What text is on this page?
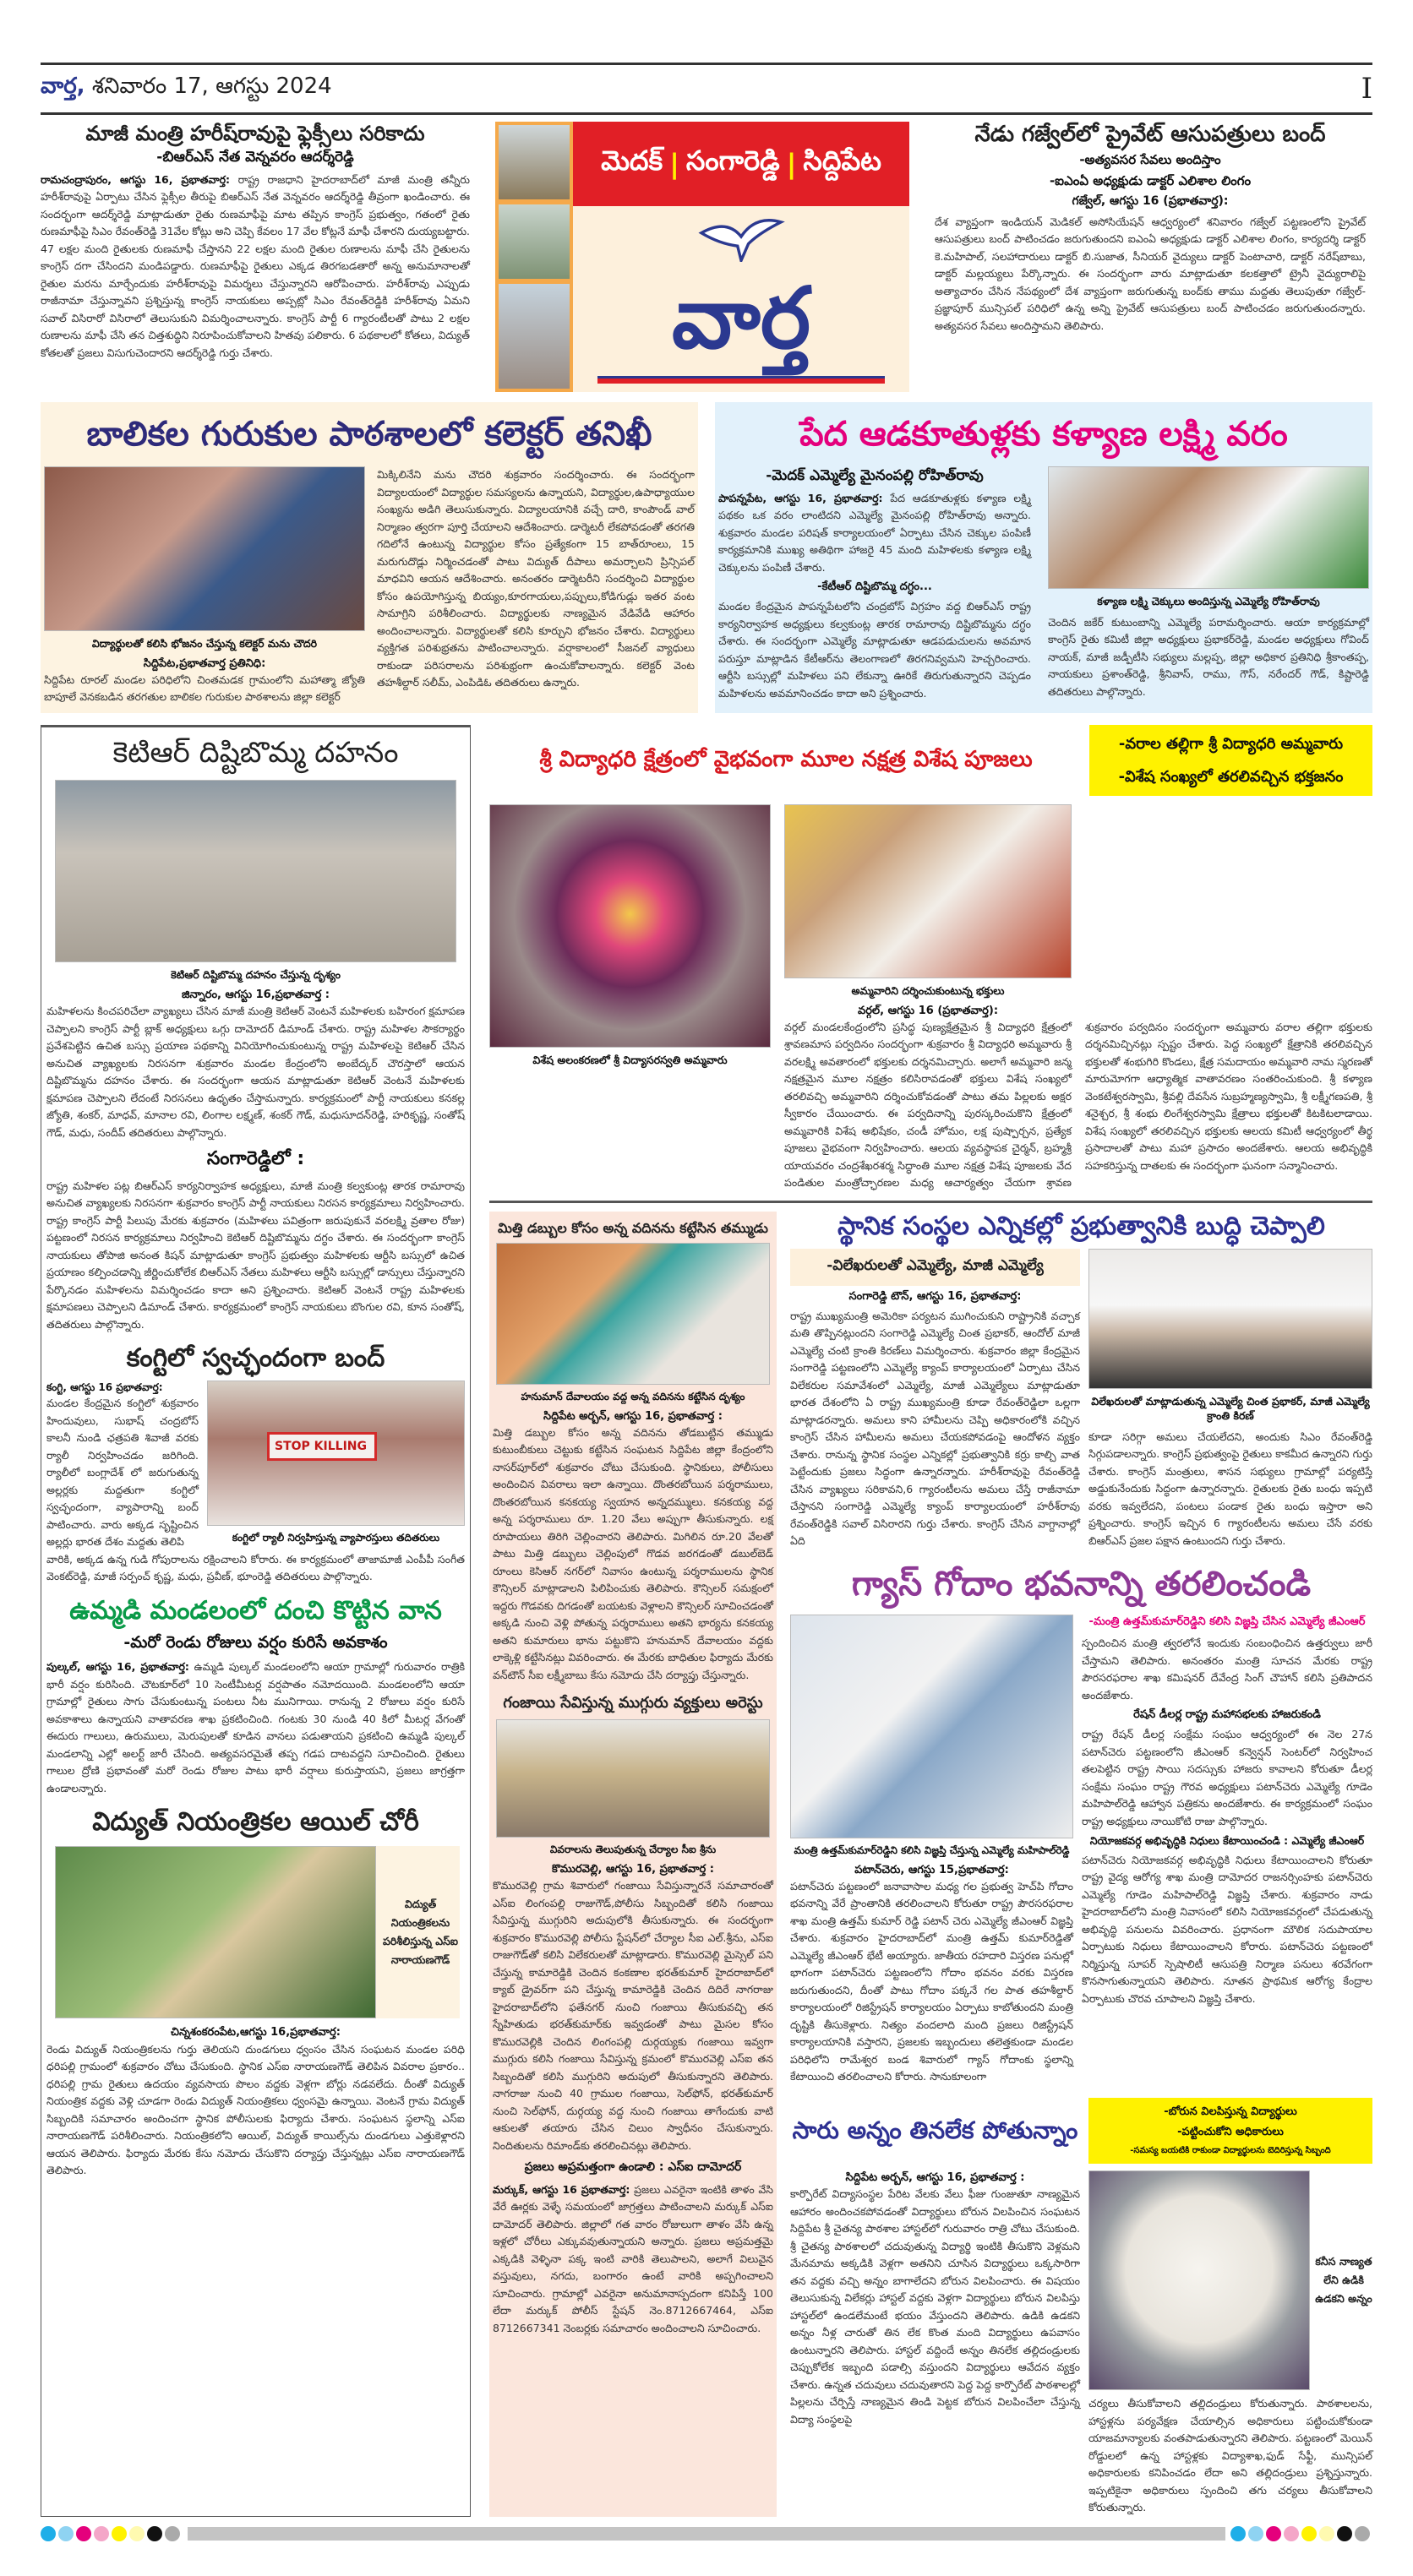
వార్త, శనివారం 17, ఆగస్టు 2024	I
మాజీ మంత్రి హరీష్‌రావుపై ఫ్లెక్సీలు సరికాదు
-బిఆర్ఎస్ నేత వెన్నవరం ఆదర్శ్‌రెడ్డి
రామచంద్రాపురం, ఆగస్టు 16, ప్రభాతవార్త: రాష్ట్ర రాజధాని హైదరాబాద్‌లో మాజీ మంత్రి తన్నీరు హరీశ్‌రావుపై ఏర్పాటు చేసిన ఫ్లెక్సీల తీరుపై బిఆర్ఎస్ నేత వెన్నవరం ఆదర్శ్‌రెడ్డి తీవ్రంగా ఖండించారు. ఈ సందర్భంగా ఆదర్శ్‌రెడ్డి మాట్లాడుతూ రైతు రుణమాఫీపై మాట తప్పిన కాంగ్రెస్ ప్రభుత్వం, గతంలో రైతు రుణమాఫీపై సిఎం రేవంత్‌రెడ్డి 31వేల కోట్లు అని చెప్పి కేవలం 17 వేల కోట్లనే మాఫీ చేశారని దుయ్యబట్టారు. 47 లక్షల మంది రైతులకు రుణమాఫీ చేస్తానని 22 లక్షల మంది రైతుల రుణాలను మాఫీ చేసి రైతులను కాంగ్రెస్ దగా చేసిందని మండిపడ్డారు. రుణమాఫీపై రైతులు ఎక్కడ తిరగబడతారో అన్న అనుమానాలతో రైతుల మరను మార్చేందుకు హరీశ్‌రావుపై విమర్శలు చేస్తున్నారని ఆరోపించారు. హరీశ్‌రావు ఎప్పుడు రాజీనామా చేస్తున్నావని ప్రశ్నిస్తున్న కాంగ్రెస్ నాయకులు అప్పట్లో సిఎం రేవంత్‌రెడ్డికి హరీశ్‌రావు ఏమని సవాల్ విసిరారో విసిరాలో తెలుసుకుని విమర్శించాలన్నారు. కాంగ్రెస్ పార్టీ 6 గ్యారంటీలతో పాటు 2 లక్షల రుణాలను మాఫీ చేసి తన చిత్తశుద్ధిని నిరూపించుకోవాలని హితవు పలికారు. 6 పథకాలలో కోతలు, విద్యుత్ కోతలతో ప్రజలు విసుగుచెందారని ఆదర్శ్‌రెడ్డి గుర్తు చేశారు.
మెదక్ | సంగారెడ్డి | సిద్దిపేట
వార్త
నేడు గజ్వేల్‌లో ప్రైవేట్ ఆసుపత్రులు బంద్
-అత్యవసర సేవలు అందిస్తాం
-ఐఎంఏ అధ్యక్షుడు డాక్టర్ ఎలిశాల లింగం
గజ్వేల్, ఆగస్టు 16 (ప్రభాతవార్త):
దేశ వ్యాప్తంగా ఇండియన్ మెడికల్ అసోసియేషన్ ఆధ్వర్యంలో శనివారం గజ్వేల్ పట్టణంలోని ప్రైవేట్ ఆసుపత్రులు బంద్ పాటించడం జరుగుతుందని ఐఎంఏ అధ్యక్షుడు డాక్టర్ ఎలిశాల లింగం, కార్యదర్శి డాక్టర్ కె.మహిపాల్, సలహాదారులు డాక్టర్ బి.సుజాత, సీనియర్ వైద్యులు డాక్టర్ పెంటాచారి, డాక్టర్ నరేష్‌బాబు, డాక్టర్ మల్లయ్యలు పేర్కొన్నారు. ఈ సందర్భంగా వారు మాట్లాడుతూ కలకత్తాలో ట్రైనీ వైద్యురాలిపై అత్యాచారం చేసిన నేపథ్యంలో దేశ వ్యాప్తంగా జరుగుతున్న బంద్‌కు తాము మద్దతు తెలుపుతూ గజ్వేల్-ప్రజ్ఞాపూర్ మున్సిపల్ పరిధిలో ఉన్న అన్ని ప్రైవేట్ ఆసుపత్రులు బంద్ పాటించడం జరుగుతుందన్నారు. అత్యవసర సేవలు అందిస్తామని తెలిపారు.
బాలికల గురుకుల పాఠశాలలో కలెక్టర్ తనిఖీ
విద్యార్థులతో కలిసి భోజనం చేస్తున్న కలెక్టర్ మను చౌదరి
సిద్దిపేట,ప్రభాతవార్త ప్రతినిధి:
సిద్దిపేట రూరల్ మండల పరిధిలోని చింతమడక గ్రామంలోని మహాత్మా జ్యోతి బాపూలే వెనకబడిన తరగతుల బాలికల గురుకుల పాఠశాలను జిల్లా కలెక్టర్
మిక్కిలినేని మను చౌదరి శుక్రవారం సందర్శించారు. ఈ సందర్భంగా విద్యాలయంలో విద్యార్థుల సమస్యలను ఉన్నాయని, విద్యార్థుల,ఉపాధ్యాయుల సంఖ్యను అడిగి తెలుసుకున్నారు. విద్యాలయానికి వచ్చే దారి, కాంపౌండ్ వాల్ నిర్మాణం త్వరగా పూర్తి చేయాలని ఆదేశించారు. డార్మెటరీ లేకపోవడంతో తరగతి గదిలోనే ఉంటున్న విద్యార్థుల కోసం ప్రత్యేకంగా 15 బాత్‌రూంలు, 15 మరుగుదొడ్లు నిర్మించడంతో పాటు విద్యుత్ దీపాలు అమర్చాలని ప్రిన్సిపల్ మాధవిని ఆయన ఆదేశించారు. అనంతరం డార్మెటరీని సందర్శించి విద్యార్థుల కోసం ఉపయోగిస్తున్న బియ్యం,కూరగాయలు,పప్పులు,కోడిగుడ్లు ఇతర వంట సామాగ్రిని పరిశీలించారు. విద్యార్థులకు నాణ్యమైన వేడివేడి ఆహారం అందించాలన్నారు. విద్యార్థులతో కలిసి కూర్చుని భోజనం చేశారు. విద్యార్థులు వ్యక్తిగత పరిశుభ్రతను పాటించాలన్నారు. వర్షాకాలంలో సీజనల్ వ్యాధులు రాకుండా పరిసరాలను పరిశుభ్రంగా ఉంచుకోవాలన్నారు. కలెక్టర్ వెంట తహశీల్దార్ సలీమ్, ఎంపిడిఓ తదితరులు ఉన్నారు.
పేద ఆడకూతుళ్లకు కళ్యాణ లక్ష్మి వరం
-మెదక్ ఎమ్మెల్యే మైనంపల్లి రోహిత్‌రావు
పాపన్నపేట, ఆగస్టు 16, ప్రభాతవార్త: పేద ఆడకూతుళ్లకు కళ్యాణ లక్ష్మి పథకం ఒక వరం లాంటిదని ఎమ్మెల్యే మైనంపల్లి రోహిత్‌రావు అన్నారు. శుక్రవారం మండల పరిషత్ కార్యాలయంలో ఏర్పాటు చేసిన చెక్కుల పంపిణీ కార్యక్రమానికి ముఖ్య అతిథిగా హాజరై 45 మంది మహిళలకు కళ్యాణ లక్ష్మి చెక్కులను పంపిణీ చేశారు.
-కేటీఆర్ దిష్టిబొమ్మ దగ్ధం...
మండల కేంద్రమైన పాపన్నపేటలోని చంద్రబోస్ విగ్రహం వద్ద బిఆర్ఎస్ రాష్ట్ర కార్యనిర్వాహక అధ్యక్షులు కల్వకుంట్ల తారక రామారావు దిష్టిబొమ్మను దగ్ధం చేశారు. ఈ సందర్భంగా ఎమ్మెల్యే మాట్లాడుతూ ఆడపడుచులను అవమాన పరుస్తూ మాట్లాడిన కేటీఆర్‌ను తెలంగాణలో తిరగనివ్వమని హెచ్చరించారు. ఆర్టీసి బస్సుల్లో మహిళలు పని లేకున్నా ఊరికే తిరుగుతున్నారని చెప్పడం మహిళలను అవమానించడం కాదా అని ప్రశ్నించారు.
కళ్యాణ లక్ష్మి చెక్కులు అందిస్తున్న ఎమ్మెల్యే రోహిత్‌రావు
చెందిన జకేర్ కుటుంబాన్ని ఎమ్మెల్యే పరామర్శించారు. ఆయా కార్యక్రమాల్లో కాంగ్రెస్ రైతు కమిటీ జిల్లా అధ్యక్షులు ప్రభాకర్‌రెడ్డి, మండల అధ్యక్షులు గోవింద్ నాయక్, మాజీ జడ్పీటీసి సభ్యులు మల్లప్ప, జిల్లా అధికార ప్రతినిధి శ్రీకాంతప్ప, నాయకులు ప్రశాంత్‌రెడ్డి, శ్రీనివాస్, రాము, గౌస్, నరేందర్ గౌడ్, కిష్టారెడ్డి తదితరులు పాల్గొన్నారు.
కెటిఆర్ దిష్టిబొమ్మ దహనం
కెటిఆర్ దిష్టిబొమ్మ దహనం చేస్తున్న దృశ్యం
జిన్నారం, ఆగస్టు 16,ప్రభాతవార్త :
మహిళలను కించపరిచేలా వ్యాఖ్యలు చేసిన మాజీ మంత్రి కెటిఆర్ వెంటనే మహిళలకు బహిరంగ క్షమాపణ చెప్పాలని కాంగ్రెస్ పార్టీ బ్లాక్ అధ్యక్షులు ఒగ్గు దామోదర్ డిమాండ్ చేశారు. రాష్ట్ర మహిళల సౌకర్యార్థం ప్రవేశపెట్టిన ఉచిత బస్సు ప్రయాణ పథకాన్ని వినియోగించుకుంటున్న రాష్ట్ర మహిళలపై కెటిఆర్ చేసిన అనుచిత వ్యాఖ్యలకు నిరసనగా శుక్రవారం మండల కేంద్రంలోని అంబేద్కర్ చౌరస్తాలో ఆయన దిష్టిబొమ్మను దహనం చేశారు. ఈ సందర్భంగా ఆయన మాట్లాడుతూ కెటిఆర్ వెంటనే మహిళలకు క్షమాపణ చెప్పాలని లేదంటే నిరసనలు ఉధృతం చేస్తామన్నారు. కార్యక్రమంలో పార్టీ నాయకులు కనకల్ల జ్యోతి, శంకర్, మాధవ్, మానాల రవి, లింగాల లక్ష్మణ్, శంకర్ గౌడ్, మధుసూదన్‌రెడ్డి, హరికృష్ణ, సంతోష్ గౌడ్, మధు, సందీప్ తదితరులు పాల్గొన్నారు.
సంగారెడ్డిలో :
రాష్ట్ర మహిళల పట్ల బిఆర్ఎస్ కార్యనిర్వాహక అధ్యక్షులు, మాజీ మంత్రి కల్వకుంట్ల తారక రామారావు అనుచిత వ్యాఖ్యలకు నిరసనగా శుక్రవారం కాంగ్రెస్ పార్టీ నాయకులు నిరసన కార్యక్రమాలు నిర్వహించారు. రాష్ట్ర కాంగ్రెస్ పార్టీ పిలుపు మేరకు శుక్రవారం (మహిళలు పవిత్రంగా జరుపుకునే వరలక్ష్మి వ్రతాల రోజు) పట్టణంలో నిరసన కార్యక్రమాలు నిర్వహించి కెటిఆర్ దిష్టిబొమ్మను దగ్ధం చేశారు. ఈ సందర్భంగా కాంగ్రెస్ నాయకులు తోపాజి అనంత కిషన్ మాట్లాడుతూ కాంగ్రెస్ ప్రభుత్వం మహిళలకు ఆర్టీసి బస్సులో ఉచిత ప్రయాణం కల్పించడాన్ని జీర్ణించుకోలేక బిఆర్ఎస్ నేతలు మహిళలు ఆర్టీసి బస్సుల్లో డాన్సులు చేస్తున్నారని పేర్కొనడం మహిళలను విమర్శించడం కాదా అని ప్రశ్నించారు. కెటిఆర్ వెంటనే రాష్ట్ర మహిళలకు క్షమాపణలు చెప్పాలని డిమాండ్ చేశారు. కార్యక్రమంలో కాంగ్రెస్ నాయకులు బొంగుల రవి, కూన సంతోష్, తదితరులు పాల్గొన్నారు.
కంగ్టిలో స్వచ్ఛందంగా బంద్
కంగ్టి, ఆగస్టు 16 ప్రభాతవార్త:
మండల కేంద్రమైన కంగ్టిలో శుక్రవారం హిందువులు, సుభాష్ చంద్రబోస్ కాలనీ నుండి ఛత్రపతి శివాజీ వరకు ర్యాలీ నిర్వహించడం జరిగింది. ర్యాలీలో బంగ్లాదేశ్ లో జరుగుతున్న అల్లర్లకు మద్దతుగా కంగ్టిలో స్వచ్ఛందంగా, వ్యాపారాన్ని బంద్ పాటించారు. వారు అక్కడ సృష్టించిన అల్లర్లు భారత దేశం మద్దతు తెలిపి
STOP KILLING
కంగ్టిలో ర్యాలీ నిర్వహిస్తున్న వ్యాపారస్తులు తదితరులు
వారికి, అక్కడ ఉన్న గుడి గోపురాలను రక్షించాలని కోరారు. ఈ కార్యక్రమంలో తాజామాజీ ఎంపీపీ సంగీత వెంకట్‌రెడ్డి, మాజీ సర్పంచ్ కృష్ణ, మధు, ప్రవీణ్, భూంరెడ్డి తదితరులు పాల్గొన్నారు.
ఉమ్మడి మండలంలో దంచి కొట్టిన వాన
-మరో రెండు రోజులు వర్షం కురిసే అవకాశం
పుల్కల్, ఆగస్టు 16, ప్రభాతవార్త: ఉమ్మడి పుల్కల్ మండలంలోని ఆయా గ్రామాల్లో గురువారం రాత్రికి భారీ వర్షం కురిసింది. చౌటకూర్‌లో 10 సెంటీమీటర్ల వర్షపాతం నమోదయింది. మండలంలోని ఆయా గ్రామాల్లో రైతులు సాగు చేసుకుంటున్న పంటలు నీట మునిగాయి. రానున్న 2 రోజులు వర్షం కురిసే అవకాశాలు ఉన్నాయని వాతావరణ శాఖ ప్రకటించింది. గంటకు 30 నుండి 40 కిలో మీటర్ల వేగంతో ఈదురు గాలులు, ఉరుములు, మెరుపులతో కూడిన వానలు పడుతాయని ప్రకటించి ఉమ్మడి పుల్కల్ మండలాన్ని ఎల్లో అలర్ట్ జారీ చేసింది. అత్యవసరమైతే తప్ప గడప దాటవద్దని సూచించింది. రైతులు గాలుల ద్రోణి ప్రభావంతో మరో రెండు రోజుల పాటు భారీ వర్షాలు కురుస్తాయని, ప్రజలు జాగ్రత్తగా ఉండాలన్నారు.
విద్యుత్ నియంత్రికల ఆయిల్ చోరీ
విద్యుత్ నియంత్రికలను పరిశీలిస్తున్న ఎస్ఐ నారాయణగౌడ్
చిన్నశంకరంపేట,ఆగస్టు 16,ప్రభాతవార్త:
రెండు విద్యుత్ నియంత్రికలను గుర్తు తెలియని దుండగులు ధ్వంసం చేసిన సంఘటన మండల పరిధి ధరిపల్లి గ్రామంలో శుక్రవారం చోటు చేసుకుంది. స్థానిక ఎస్ఐ నారాయణగౌడ్ తెలిపిన వివరాల ప్రకారం.. ధరిపల్లి గ్రామ రైతులు ఉదయం వ్యవసాయ పొలం వద్దకు వెళ్లగా బోర్లు నడవలేదు. దీంతో విద్యుత్ నియంత్రిక వద్దకు వెళ్లి చూడగా రెండు విద్యుత్ నియంత్రికలు ధ్వంసమై ఉన్నాయి. వెంటనే గ్రామ విద్యుత్ సిబ్బందికి సమాచారం అందించగా స్థానిక పోలీసులకు ఫిర్యాదు చేశారు. సంఘటన స్థలాన్ని ఎస్ఐ నారాయణగౌడ్ పరిశీలించారు. నియంత్రికలోని ఆయిల్, విద్యుత్ కాయిల్స్‌ను దుండగులు ఎత్తుకెళ్లారని ఆయన తెలిపారు. ఫిర్యాదు మేరకు కేసు నమోదు చేసుకొని దర్యాప్తు చేస్తున్నట్లు ఎస్ఐ నారాయణగౌడ్ తెలిపారు.
శ్రీ విద్యాధరి క్షేత్రంలో వైభవంగా మూల నక్షత్ర విశేష పూజలు
-వరాల తల్లిగా శ్రీ విద్యాధరి అమ్మవారు
-విశేష సంఖ్యలో తరలివచ్చిన భక్తజనం
విశేష అలంకరణలో శ్రీ విద్యాసరస్వతి అమ్మవారు
అమ్మవారిని దర్శించుకుంటున్న భక్తులు
వర్గల్, ఆగస్టు 16 (ప్రభాతవార్త):
వర్గల్ మండలకేంద్రంలోని ప్రసిద్ధ పుణ్యక్షేత్రమైన శ్రీ విద్యాధరి క్షేత్రంలో శ్రావణమాస పర్వదినం సందర్భంగా శుక్రవారం శ్రీ విద్యాధరి అమ్మవారు శ్రీ వరలక్ష్మి అవతారంలో భక్తులకు దర్శనమిచ్చారు. అలాగే అమ్మవారి జన్మ నక్షత్రమైన మూల నక్షత్రం కలిసిరావడంతో భక్తులు విశేష సంఖ్యలో తరలివచ్చి అమ్మవారిని దర్శించుకోవడంతో పాటు తమ పిల్లలకు అక్షర స్వీకారం చేయించారు. ఈ పర్వదినాన్ని పురస్కరించుకొని క్షేత్రంలో అమ్మవారికి విశేష అభిషేకం, చండీ హోమం, లక్ష పుష్పార్చన, ప్రత్యేక పూజలు వైభవంగా నిర్వహించారు. ఆలయ వ్యవస్థాపక చైర్మన్, బ్రహ్మశ్రీ యాయవరం చంద్రశేఖరశర్మ సిద్ధాంతి మూల నక్షత్ర విశేష పూజలకు వేద పండితుల మంత్రోచ్ఛారణల మధ్య ఆచార్యత్వం చేయగా శ్రావణ శుక్రవారం పర్వదినం సందర్భంగా అమ్మవారు వరాల తల్లిగా భక్తులకు దర్శనమిచ్చినట్లు స్పష్టం చేశారు. పెద్ద సంఖ్యలో క్షేత్రానికి తరలివచ్చిన భక్తులతో శంభుగిరి కొండలు, క్షేత్ర సమదాయం అమ్మవారి నామ స్మరణతో మారుమోగగా ఆధ్యాత్మిక వాతావరణం సంతరించుకుంది. శ్రీ కళ్యాణ వెంకటేశ్వరస్వామి, శ్రీవల్లి దేవసేన సుబ్రహ్మణ్యస్వామి, శ్రీ లక్ష్మీగణపతి, శ్రీ శనైశ్చర, శ్రీ శంభు లింగేశ్వరస్వామి క్షేత్రాలు భక్తులతో కిటకిటలాడాయి. విశేష సంఖ్యలో తరలివచ్చిన భక్తులకు ఆలయ కమిటీ ఆధ్వర్యంలో తీర్థ ప్రసాదాలతో పాటు మహా ప్రసాదం అందజేశారు. ఆలయ అభివృద్ధికి సహకరిస్తున్న దాతలకు ఈ సందర్భంగా ఘనంగా సన్మానించారు.
మిత్తి డబ్బుల కోసం అన్న వదినను కట్టేసిన తమ్ముడు
హనుమాన్ దేవాలయం వద్ద అన్న వదినను కట్టేసిన దృశ్యం
సిద్దిపేట అర్బన్, ఆగస్టు 16, ప్రభాతవార్త :
మిత్తి డబ్బుల కోసం అన్న వదినను తోడబుట్టిన తమ్ముడు కుటుంబీకులు చెట్టుకు కట్టేసిన సంఘటన సిద్దిపేట జిల్లా కేంద్రంలోని నాసర్‌పూర్‌లో శుక్రవారం చోటు చేసుకుంది. స్థానికులు, పోలీసులు అందించిన వివరాలు ఇలా ఉన్నాయి. దొంతరబోయిన పర్శరాములు, దొంతరబోయిన కనకయ్య స్వయాన అన్నదమ్ములు. కనకయ్య వద్ద అన్న పర్శరాములు రూ. 1.20 వేలు అప్పుగా తీసుకున్నారు. లక్ష రూపాయలు తిరిగి చెల్లించారని తెలిపారు. మిగిలిన రూ.20 వేలతో పాటు మిత్తి డబ్బులు చెల్లింపులో గొడవ జరగడంతో డబుల్‌బెడ్ రూంలు కెసిఆర్ నగర్‌లో నివాసం ఉంటున్న పర్శరాములను స్థానిక కౌన్సిలర్ మాట్లాడాలని పిలిపించుకు తెలిపారు. కౌన్సిలర్ సమక్షంలో ఇద్దరు గొడవకు దిగడంతో బయటకు వెళ్లాలని కౌన్సిలర్ సూచించడంతో అక్కడి నుంచి వెళ్లి పోతున్న పర్శరాములు అతని భార్యను కనకయ్య అతని కుమారులు భాను పట్టుకొని హనుమాన్ దేవాలయం వద్దకు లాక్కెళ్లి కట్టేసినట్లు వివరించారు. ఈ మేరకు బాధితుల ఫిర్యాదు మేరకు వన్‌టౌన్ సీఐ లక్ష్మీబాబు కేసు నమోదు చేసి దర్యాప్తు చేస్తున్నారు.
గంజాయి సేవిస్తున్న ముగ్గురు వ్యక్తులు అరెస్టు
వివరాలను తెలుపుతున్న చేర్యాల సీఐ శ్రీను
కొమురవెల్లి, ఆగస్టు 16, ప్రభాతవార్త :
కొమురవెల్లి గ్రామ శివారులో గంజాయి సేవిస్తున్నారనే సమాచారంతో ఎస్ఐ లింగంపల్లి రాజుగౌడ్,పోలీసు సిబ్బందితో కలిసి గంజాయి సేవిస్తున్న ముగ్గురిని అదుపులోకి తీసుకున్నారు. ఈ సందర్భంగా శుక్రవారం కొమురవెల్లి పోలీసు స్టేషన్‌లో చేర్యాల సీఐ ఎల్.శ్రీను, ఎస్ఐ రాజుగౌడ్‌తో కలిసి విలేకరులతో మాట్లాడారు. కొమురవెల్లి మైస్సెల్ పని చేస్తున్న కామారెడ్డికి చెందిన కంకణాల భరత్‌కుమార్ హైదరాబాద్‌లో క్యాబ్ డ్రైవర్‌గా పని చేస్తున్న కామారెడ్డికి చెందిన దిదిరే నాగరాజు హైదరాబాద్‌లోని ఫతేనగర్ నుంచి గంజాయి తీసుకువచ్చి తన స్నేహితుడు భరత్‌కుమార్‌కు ఇవ్వడంతో పాటు మైసల కోసం కొమురవెల్లికి చెందిన లింగంపల్లి దుర్గయ్యకు గంజాయి ఇవ్వగా ముగ్గురు కలిసి గంజాయి సేవిస్తున్న క్రమంలో కొమురవెల్లి ఎస్ఐ తన సిబ్బందితో కలిసి ముగ్గురిని అదుపులో తీసుకున్నారని తెలిపారు. నాగరాజు నుంచి 40 గ్రాముల గంజాయి, సెల్‌ఫోన్, భరత్‌కుమార్ నుంచి సెల్‌ఫోన్, దుర్గయ్య వద్ద నుంచి గంజాయి తాగేందుకు వాటి ఆకులతో తయారు చేసిన చిలుం స్వాధీనం చేసుకున్నారు. నిందితులను రిమాండ్‌కు తరలించినట్లు తెలిపారు.
ప్రజలు అప్రమత్తంగా ఉండాలి : ఎస్ఐ దామోదర్
మర్కుక్, ఆగస్టు 16 ప్రభాతవార్త: ప్రజలు ఎవరైనా ఇంటికి తాళం వేసి వేరే ఊర్లకు వెళ్ళే సమయంలో జాగ్రత్తలు పాటించాలని మర్కుక్ ఎస్ఐ దామోదర్ తెలిపారు. జిల్లాలో గత వారం రోజులుగా తాళం వేసి ఉన్న ఇళ్లలో చోరీలు ఎక్కువవుతున్నాయని అన్నారు. ప్రజలు అప్రమత్తమై ఎక్కడికి వెళ్ళినా పక్క ఇంటి వారికి తెలుపాలని, అలాగే విలువైన వస్తువులు, నగదు, బంగారం ఉంటే వారికి అప్పగించాలని సూచించారు. గ్రామాల్లో ఎవరైనా అనుమానాస్పదంగా కనిపిస్తే 100 లేదా మర్కుక్ పోలీస్ స్టేషన్ నెం.8712667464, ఎస్ఐ 8712667341 నెంబర్లకు సమాచారం అందించాలని సూచించారు.
స్థానిక సంస్థల ఎన్నికల్లో ప్రభుత్వానికి బుద్ధి చెప్పాలి
-విలేఖరులతో ఎమ్మెల్యే, మాజీ ఎమ్మెల్యే
సంగారెడ్డి టౌన్, ఆగస్టు 16, ప్రభాతవార్త:
రాష్ట్ర ముఖ్యమంత్రి అమెరికా పర్యటన ముగించుకుని రాష్ట్రానికి వచ్చాక మతి తొప్పినట్లుందని సంగారెడ్డి ఎమ్మెల్యే చింత ప్రభాకర్, ఆందోల్ మాజీ ఎమ్మెల్యే చంటి క్రాంతి కిరణ్‌లు విమర్శించారు. శుక్రవారం జిల్లా కేంద్రమైన సంగారెడ్డి పట్టణంలోని ఎమ్మెల్యే క్యాంప్ కార్యాలయంలో ఏర్పాటు చేసిన విలేకరుల సమావేశంలో ఎమ్మెల్యే, మాజీ ఎమ్మెల్యేలు మాట్లాడుతూ భారత దేశంలోని ఏ రాష్ట్ర ముఖ్యమంత్రి కూడా రేవంత్‌రెడ్డిలా ఒల్లగా మాట్లాడరన్నారు. అమలు కాని హామీలను చెప్పి అధికారంలోకి వచ్చిన కాంగ్రెస్ చేసిన హామీలను అమలు చేయకపోవడంపై ఆందోళన వ్యక్తం చేశారు. రానున్న స్థానిక సంస్థల ఎన్నికల్లో ప్రభుత్వానికి కర్రు కాల్చి వాత పెట్టేందుకు ప్రజలు సిద్ధంగా ఉన్నారన్నారు. హరీశ్‌రావుపై రేవంత్‌రెడ్డి చేసిన వ్యాఖ్యలు సరికావని,6 గ్యారంటీలను అమలు చేస్తే రాజీనామా చేస్తానని సంగారెడ్డి ఎమ్మెల్యే క్యాంప్ కార్యాలయంలో హరీశ్‌రావు రేవంత్‌రెడ్డికి సవాల్ విసిరారని గుర్తు చేశారు. కాంగ్రెస్ చేసిన వాగ్దానాల్లో ఏది
విలేఖరులతో మాట్లాడుతున్న ఎమ్మెల్యే చింత ప్రభాకర్, మాజీ ఎమ్మెల్యే క్రాంతి కిరణ్
కూడా సరిగ్గా అమలు చేయలేదని, అందుకు సిఎం రేవంత్‌రెడ్డి సిగ్గుపడాలన్నారు. కాంగ్రెస్ ప్రభుత్వంపై రైతులు కాకమీద ఉన్నారని గుర్తు చేశారు. కాంగ్రెస్ మంత్రులు, శాసన సభ్యులు గ్రామాల్లో పర్యటిస్తే అడ్డుకునేందుకు సిద్ధంగా ఉన్నారన్నారు. రైతులకు రైతు బంధు ఇప్పటి వరకు ఇవ్వలేదని, పంటలు పండాక రైతు బంధు ఇస్తారా అని ప్రశ్నించారు. కాంగ్రెస్ ఇచ్చిన 6 గ్యారంటీలను అమలు చేసే వరకు బిఆర్ఎస్ ప్రజల పక్షాన ఉంటుందని గుర్తు చేశారు.
గ్యాస్ గోదాం భవనాన్ని తరలించండి
మంత్రి ఉత్తమ్‌కుమార్‌రెడ్డిని కలిసి విజ్ఞప్తి చేస్తున్న ఎమ్మెల్యే మహిపాల్‌రెడ్డి
పటాన్‌చెరు, ఆగస్టు 15,ప్రభాతవార్త:
పటాన్‌చెరు పట్టణంలో జనావాసాల మధ్య గల ప్రభుత్వ హెచ్‌పి గోదాం భవనాన్ని వేరే ప్రాంతానికి తరలించాలని కోరుతూ రాష్ట్ర పౌరసరఫరాల శాఖ మంత్రి ఉత్తమ్ కుమార్ రెడ్డి పటాన్ చెరు ఎమ్మెల్యే జీఎంఆర్ విజ్ఞప్తి చేశారు. శుక్రవారం హైదరాబాద్‌లో మంత్రి ఉత్తమ్ కుమార్‌రెడ్డితో ఎమ్మెల్యే జీఎంఆర్ భేటీ అయ్యారు. జాతీయ రహదారి విస్తరణ పనుల్లో భాగంగా పటాన్‌చెరు పట్టణంలోని గోదాం భవనం వరకు విస్తరణ జరుగుతుందని, దీంతో పాటు గోదాం పక్కనే గల పాత తహశీల్దార్ కార్యాలయంలో రిజిస్ట్రేషన్ కార్యాలయం ఏర్పాటు కాబోతుందని మంత్రి దృష్టికి తీసుకెళ్లారు. నిత్యం వందలాది మంది ప్రజలు రిజిస్ట్రేషన్ కార్యాలయానికి వస్తారని, ప్రజలకు ఇబ్బందులు తలెత్తకుండా మండల పరిధిలోని రామేశ్వర బండ శివారులో గ్యాస్ గోదాంకు స్థలాన్ని కేటాయించి తరలించాలని కోరారు. సానుకూలంగా
-మంత్రి ఉత్తమ్‌కుమార్‌రెడ్డిని కలిసి విజ్ఞప్తి చేసిన ఎమ్మెల్యే జీఎంఆర్
స్పందించిన మంత్రి త్వరలోనే ఇందుకు సంబంధించిన ఉత్తర్వులు జారీ చేస్తామని తెలిపారు. అనంతరం మంత్రి సూచన మేరకు రాష్ట్ర పౌరసరఫరాల శాఖ కమిషనర్ దేవేంద్ర సింగ్ చౌహాన్ కలిసి ప్రతిపాదన అందజేశారు.
రేషన్ డీలర్ల రాష్ట్ర మహాసభలకు హాజరుకండి
రాష్ట్ర రేషన్ డీలర్ల సంక్షేమ సంఘం ఆధ్వర్యంలో ఈ నెల 27న పటాన్‌చెరు పట్టణంలోని జీఎంఆర్ కన్వెన్షన్ సెంటర్‌లో నిర్వహించ తలపెట్టిన రాష్ట్ర సాయి సదస్సుకు హాజరు కావాలని కోరుతూ డీలర్ల సంక్షేమ సంఘం రాష్ట్ర గౌరవ అధ్యక్షులు పటాన్‌చెరు ఎమ్మెల్యే గూడెం మహిపాల్‌రెడ్డి ఆహ్వాన పత్రికను అందజేశారు. ఈ కార్యక్రమంలో సంఘం రాష్ట్ర అధ్యక్షులు నాయికోటి రాజు పాల్గొన్నారు.
నియోజకవర్గ అభివృద్ధికి నిధులు కేటాయించండి : ఎమ్మెల్యే జీఎంఆర్
పటాన్‌చెరు నియోజకవర్గ అభివృద్ధికి నిధులు కేటాయించాలని కోరుతూ రాష్ట్ర వైద్య ఆరోగ్య శాఖ మంత్రి దామోదర రాజనర్సింహకు పటాన్‌చెరు ఎమ్మెల్యే గూడెం మహిపాల్‌రెడ్డి విజ్ఞప్తి చేశారు. శుక్రవారం నాడు హైదరాబాద్‌లోని మంత్రి నివాసంలో కలిసి నియోజకవర్గంలో చేపడుతున్న అభివృద్ధి పనులను వివరించారు. ప్రధానంగా మౌలిక సదుపాయాల ఏర్పాటుకు నిధులు కేటాయించాలని కోరారు. పటాన్‌చెరు పట్టణంలో నిర్మిస్తున్న సూపర్ స్పెషాలిటీ ఆసుపత్రి నిర్మాణ పనులు శరవేగంగా కొనసాగుతున్నాయని తెలిపారు. నూతన ప్రాథమిక ఆరోగ్య కేంద్రాల ఏర్పాటుకు చొరవ చూపాలని విజ్ఞప్తి చేశారు.
సారు అన్నం తినలేక పోతున్నాం
-బోరున విలపిస్తున్న విద్యార్థులు
-పట్టించుకోని అధికారులు
-సమస్య బయటికి రాకుండా విద్యార్థులను బెదిరిస్తున్న సిబ్బంది
సిద్దిపేట అర్బన్, ఆగస్టు 16, ప్రభాతవార్త :
కార్పొరేట్ విద్యాసంస్థల పేరిట వేలకు వేలు ఫీజు గుంజుతూ నాణ్యమైన ఆహారం అందించకపోవడంతో విద్యార్థులు బోరున విలపించిన సంఘటన సిద్దిపేట శ్రీ చైతన్య పాఠశాల హాస్టల్‌లో గురువారం రాత్రి చోటు చేసుకుంది. శ్రీ చైతన్య పాఠశాలలో చదువుతున్న విద్యార్థి ఇంటికి తీసుకొని వెళ్లమని మేనమామ అక్కడికి వెళ్లగా అతనిని చూసిన విద్యార్థులు ఒక్కసారిగా తన వద్దకు వచ్చి అన్నం బాగాలేదని బోరున విలపించారు. ఈ విషయం తెలుసుకున్న విలేకర్లు హాస్టల్ వద్దకు వెళ్లగా విద్యార్థులు బోరున విలపిస్తు హాస్టల్‌లో ఉండలేమంటే భయం వేస్తుందని తెలిపారు. ఉడికి ఉడకని అన్నం నీళ్ల చారుతో తిన లేక కొంత మంది విద్యార్థులు ఉపవాసం ఉంటున్నారని తెలిపారు. హాస్టల్ వద్దిందే అన్నం తినలేక తల్లిదండ్రులకు చెప్పుకోలేక ఇబ్బంది పడాల్సి వస్తుందని విద్యార్థులు ఆవేదన వ్యక్తం చేశారు. ఉన్నత చదువులు చదువుతారని పెద్ద పెద్ద కార్పొరేట్ పాఠశాలల్లో పిల్లలను చేర్పిస్తే నాణ్యమైన తిండి పెట్టక బోరున విలపించేలా చేస్తున్న విద్యా సంస్థలపై
కనీస నాణ్యత లేని ఉడికి ఉడకని అన్నం
చర్యలు తీసుకోవాలని తల్లిదండ్రులు కోరుతున్నారు. పాఠశాలలను, హాస్టళ్లను పర్యవేక్షణ చేయాల్సిన అధికారులు పట్టించుకోకుండా యాజమాన్యాలకు వంతపాడుతున్నారని తెలిపారు. పట్టణంలో మెయిన్ రోడ్డులలో ఉన్న హాస్టళ్లకు విద్యాశాఖ,ఫుడ్ సేఫ్టీ, మున్సిపల్ అధికారులకు కనిపించడం లేదా అని తల్లిదండ్రులు ప్రశ్నిస్తున్నారు. ఇప్పటికైనా అధికారులు స్పందించి తగు చర్యలు తీసుకోవాలని కోరుతున్నారు.
